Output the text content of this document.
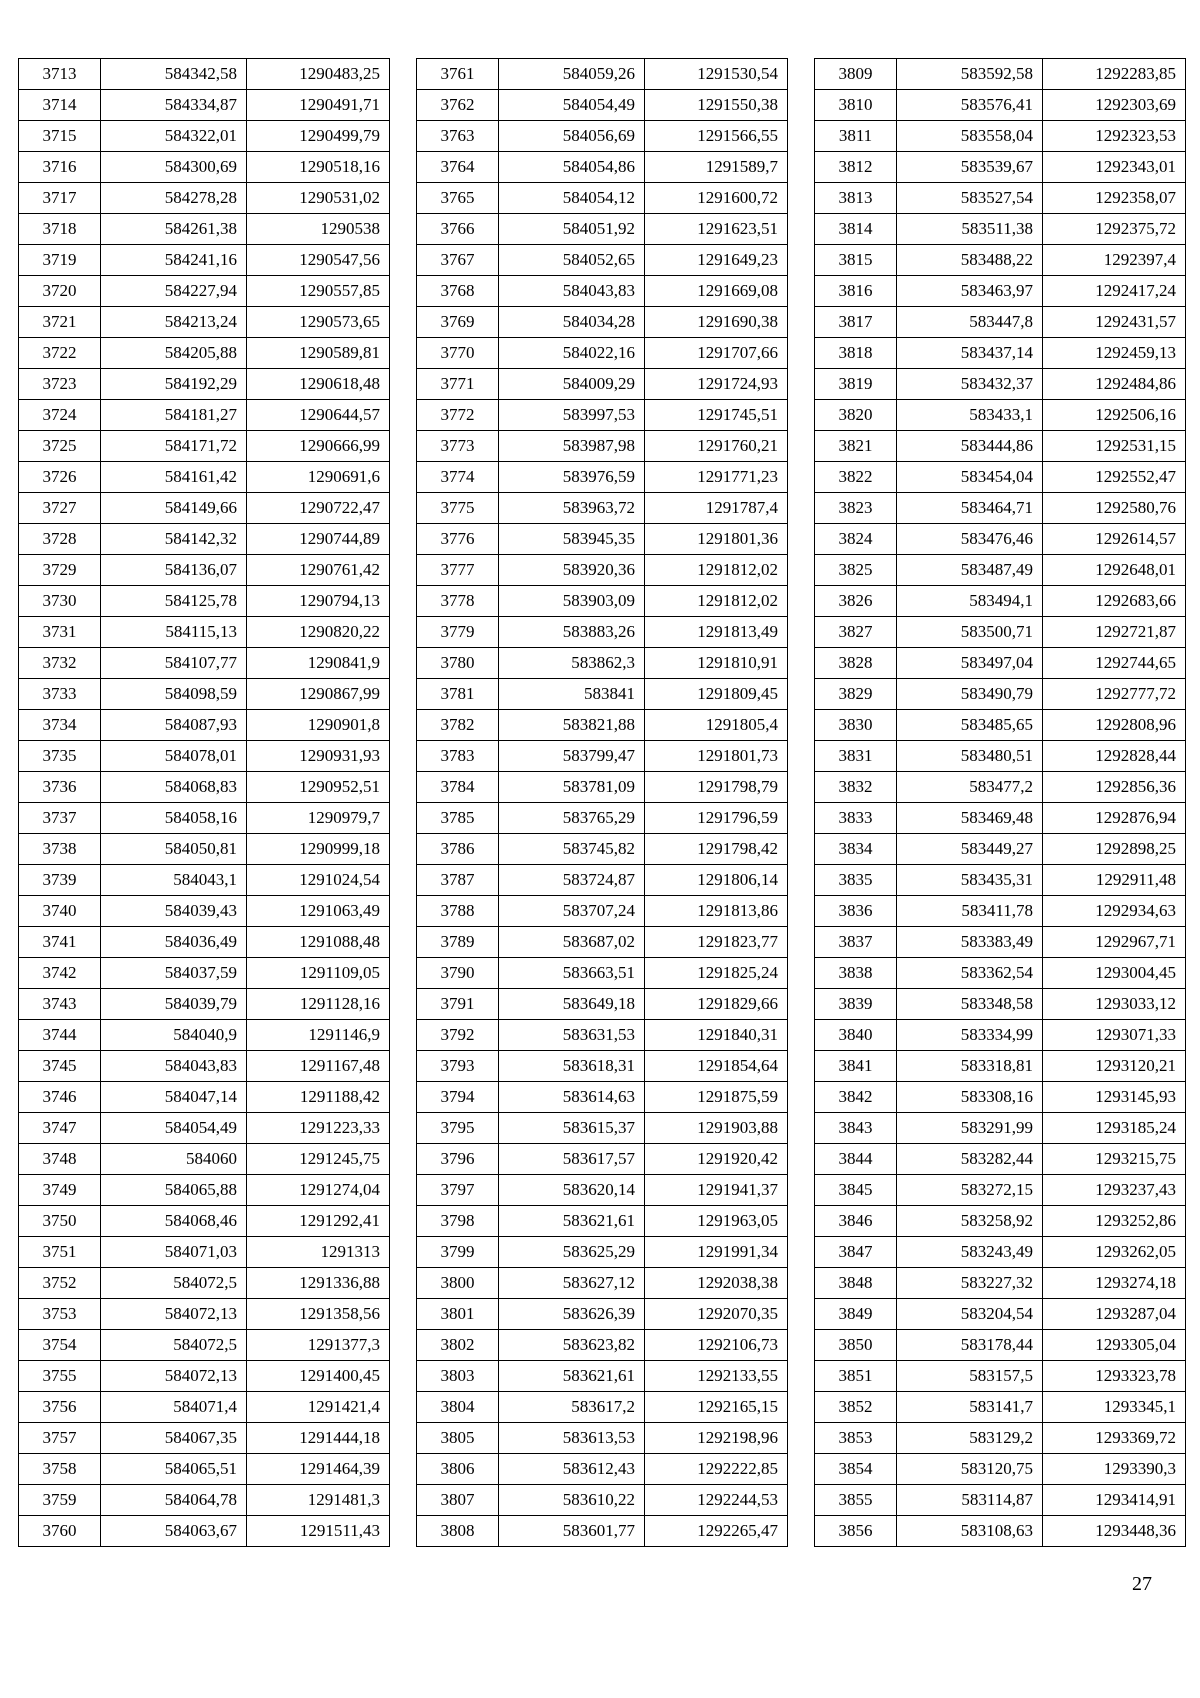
3713	584342,58	1290483,25
3714	584334,87	1290491,71
3715	584322,01	1290499,79
3716	584300,69	1290518,16
3717	584278,28	1290531,02
3718	584261,38	1290538
3719	584241,16	1290547,56
3720	584227,94	1290557,85
3721	584213,24	1290573,65
3722	584205,88	1290589,81
3723	584192,29	1290618,48
3724	584181,27	1290644,57
3725	584171,72	1290666,99
3726	584161,42	1290691,6
3727	584149,66	1290722,47
3728	584142,32	1290744,89
3729	584136,07	1290761,42
3730	584125,78	1290794,13
3731	584115,13	1290820,22
3732	584107,77	1290841,9
3733	584098,59	1290867,99
3734	584087,93	1290901,8
3735	584078,01	1290931,93
3736	584068,83	1290952,51
3737	584058,16	1290979,7
3738	584050,81	1290999,18
3739	584043,1	1291024,54
3740	584039,43	1291063,49
3741	584036,49	1291088,48
3742	584037,59	1291109,05
3743	584039,79	1291128,16
3744	584040,9	1291146,9
3745	584043,83	1291167,48
3746	584047,14	1291188,42
3747	584054,49	1291223,33
3748	584060	1291245,75
3749	584065,88	1291274,04
3750	584068,46	1291292,41
3751	584071,03	1291313
3752	584072,5	1291336,88
3753	584072,13	1291358,56
3754	584072,5	1291377,3
3755	584072,13	1291400,45
3756	584071,4	1291421,4
3757	584067,35	1291444,18
3758	584065,51	1291464,39
3759	584064,78	1291481,3
3760	584063,67	1291511,43
3761	584059,26	1291530,54
3762	584054,49	1291550,38
3763	584056,69	1291566,55
3764	584054,86	1291589,7
3765	584054,12	1291600,72
3766	584051,92	1291623,51
3767	584052,65	1291649,23
3768	584043,83	1291669,08
3769	584034,28	1291690,38
3770	584022,16	1291707,66
3771	584009,29	1291724,93
3772	583997,53	1291745,51
3773	583987,98	1291760,21
3774	583976,59	1291771,23
3775	583963,72	1291787,4
3776	583945,35	1291801,36
3777	583920,36	1291812,02
3778	583903,09	1291812,02
3779	583883,26	1291813,49
3780	583862,3	1291810,91
3781	583841	1291809,45
3782	583821,88	1291805,4
3783	583799,47	1291801,73
3784	583781,09	1291798,79
3785	583765,29	1291796,59
3786	583745,82	1291798,42
3787	583724,87	1291806,14
3788	583707,24	1291813,86
3789	583687,02	1291823,77
3790	583663,51	1291825,24
3791	583649,18	1291829,66
3792	583631,53	1291840,31
3793	583618,31	1291854,64
3794	583614,63	1291875,59
3795	583615,37	1291903,88
3796	583617,57	1291920,42
3797	583620,14	1291941,37
3798	583621,61	1291963,05
3799	583625,29	1291991,34
3800	583627,12	1292038,38
3801	583626,39	1292070,35
3802	583623,82	1292106,73
3803	583621,61	1292133,55
3804	583617,2	1292165,15
3805	583613,53	1292198,96
3806	583612,43	1292222,85
3807	583610,22	1292244,53
3808	583601,77	1292265,47
3809	583592,58	1292283,85
3810	583576,41	1292303,69
3811	583558,04	1292323,53
3812	583539,67	1292343,01
3813	583527,54	1292358,07
3814	583511,38	1292375,72
3815	583488,22	1292397,4
3816	583463,97	1292417,24
3817	583447,8	1292431,57
3818	583437,14	1292459,13
3819	583432,37	1292484,86
3820	583433,1	1292506,16
3821	583444,86	1292531,15
3822	583454,04	1292552,47
3823	583464,71	1292580,76
3824	583476,46	1292614,57
3825	583487,49	1292648,01
3826	583494,1	1292683,66
3827	583500,71	1292721,87
3828	583497,04	1292744,65
3829	583490,79	1292777,72
3830	583485,65	1292808,96
3831	583480,51	1292828,44
3832	583477,2	1292856,36
3833	583469,48	1292876,94
3834	583449,27	1292898,25
3835	583435,31	1292911,48
3836	583411,78	1292934,63
3837	583383,49	1292967,71
3838	583362,54	1293004,45
3839	583348,58	1293033,12
3840	583334,99	1293071,33
3841	583318,81	1293120,21
3842	583308,16	1293145,93
3843	583291,99	1293185,24
3844	583282,44	1293215,75
3845	583272,15	1293237,43
3846	583258,92	1293252,86
3847	583243,49	1293262,05
3848	583227,32	1293274,18
3849	583204,54	1293287,04
3850	583178,44	1293305,04
3851	583157,5	1293323,78
3852	583141,7	1293345,1
3853	583129,2	1293369,72
3854	583120,75	1293390,3
3855	583114,87	1293414,91
3856	583108,63	1293448,36
27
